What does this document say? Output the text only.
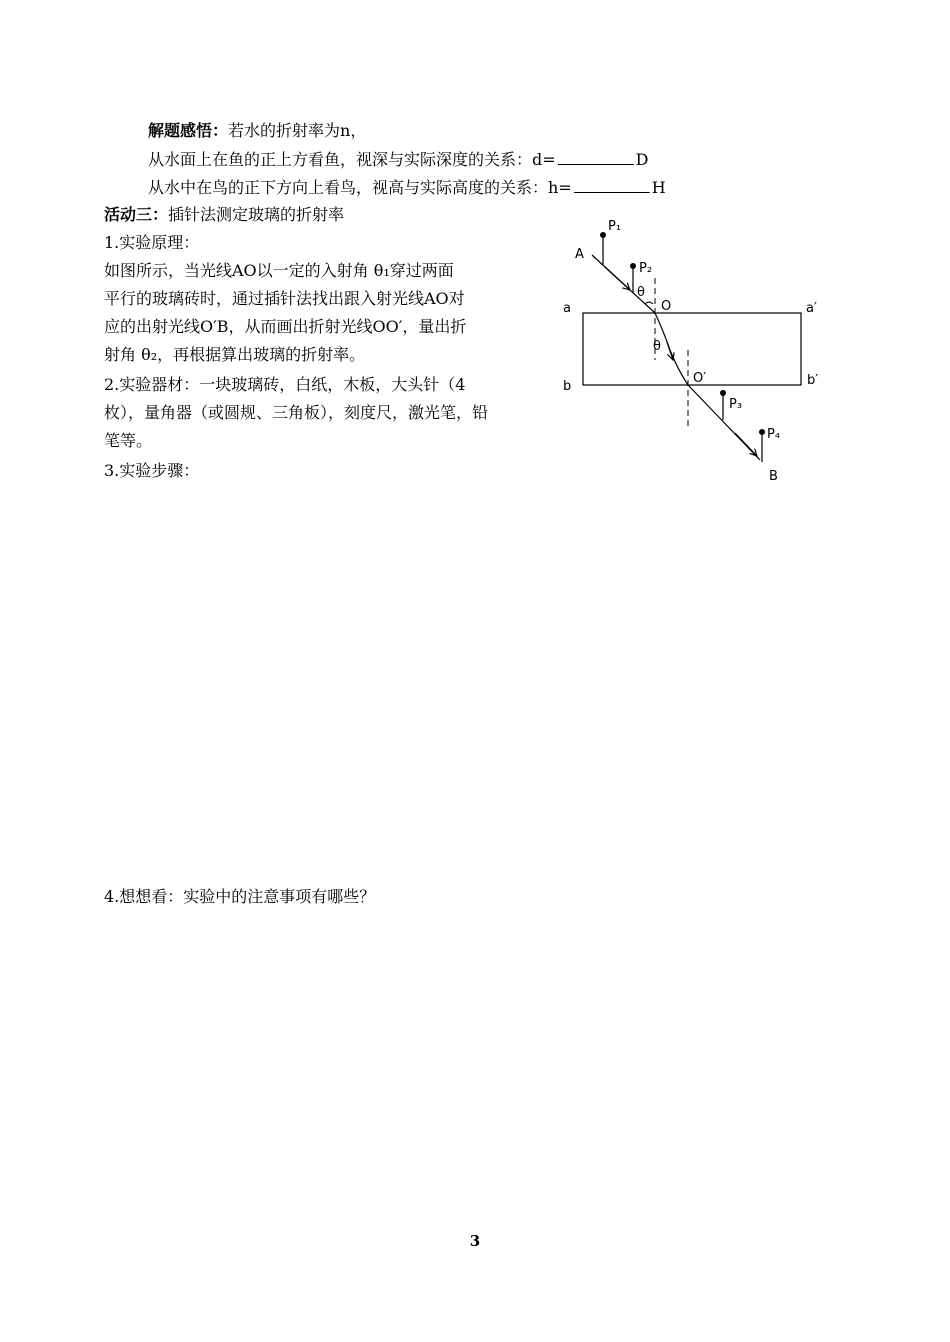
解题感悟：若水的折射率为n，
从水面上在鱼的正上方看鱼，视深与实际深度的关系：d=	D
从水中在鸟的正下方向上看鸟，视高与实际高度的关系：h=	H
活动三：插针法测定玻璃的折射率
1.实验原理：
如图所示，当光线AO以一定的入射角 θ₁穿过两面
平行的玻璃砖时，通过插针法找出跟入射光线AO对
应的出射光线O′B，从而画出折射光线OO′，量出折
射角 θ₂，再根据算出玻璃的折射率。
2.实验器材：一块玻璃砖，白纸，木板，大头针（4
枚），量角器（或圆规、三角板），刻度尺，激光笔，铅
笔等。
3.实验步骤：
4.想想看：实验中的注意事项有哪些？
P₁
A
P₂
θ
O
a	a′
θ
O′
b	b′
P₃
P₄
B
3
